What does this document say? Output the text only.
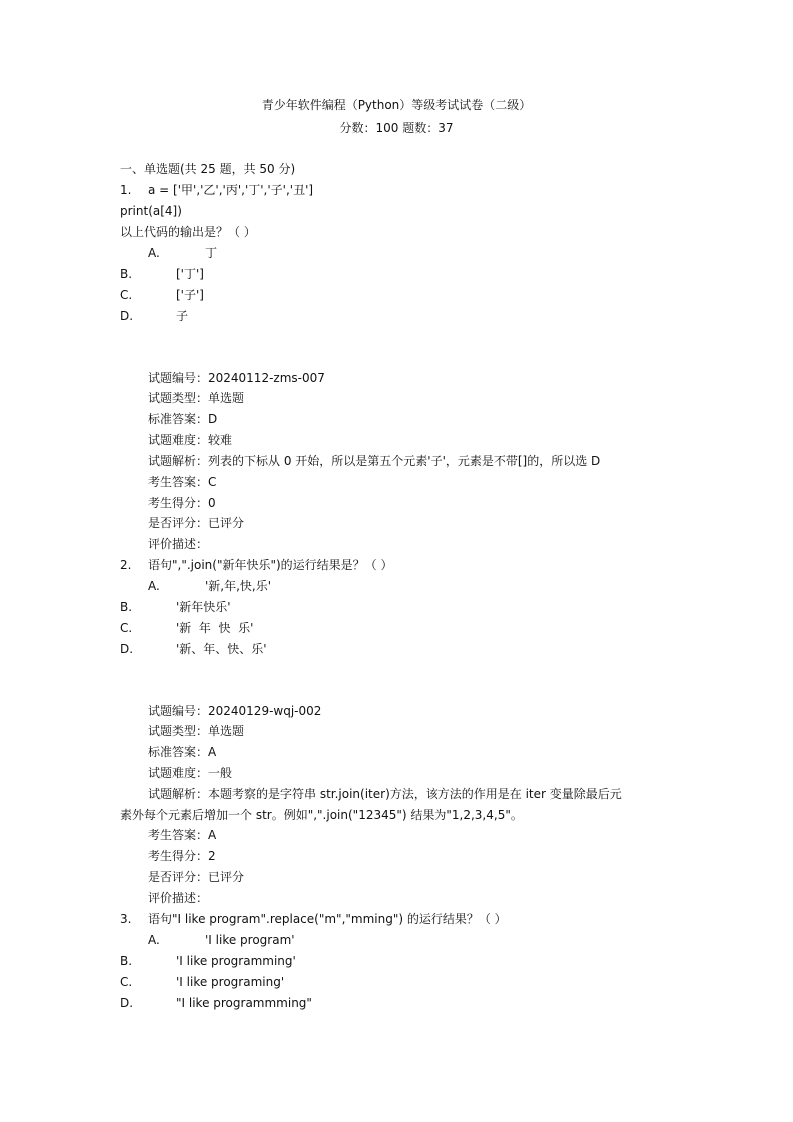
青少年软件编程（Python）等级考试试卷（二级）
分数：100 题数：37
一、单选题(共 25 题，共 50 分)
1. a = ['甲','乙','丙','丁','子','丑']
print(a[4])
以上代码的输出是？（ ）
A.	丁
B.	['丁']
C.	['子']
D.	子
试题编号：20240112-zms-007
试题类型：单选题
标准答案：D
试题难度：较难
试题解析：列表的下标从 0 开始，所以是第五个元素'子'，元素是不带[]的，所以选 D
考生答案：C
考生得分：0
是否评分：已评分
评价描述：
2. 语句",".join("新年快乐")的运行结果是？（ ）
A.	'新,年,快,乐'
B.	'新年快乐'
C.	'新  年  快  乐'
D.	'新、年、快、乐'
试题编号：20240129-wqj-002
试题类型：单选题
标准答案：A
试题难度：一般
试题解析：本题考察的是字符串 str.join(iter)方法，该方法的作用是在 iter 变量除最后元
素外每个元素后增加一个 str。例如",".join("12345") 结果为"1,2,3,4,5"。
考生答案：A
考生得分：2
是否评分：已评分
评价描述：
3. 语句"I like program".replace("m","mming") 的运行结果？（ ）
A.	'I like program'
B.	'I like programming'
C.	'I like programing'
D.	"I like programmming"
